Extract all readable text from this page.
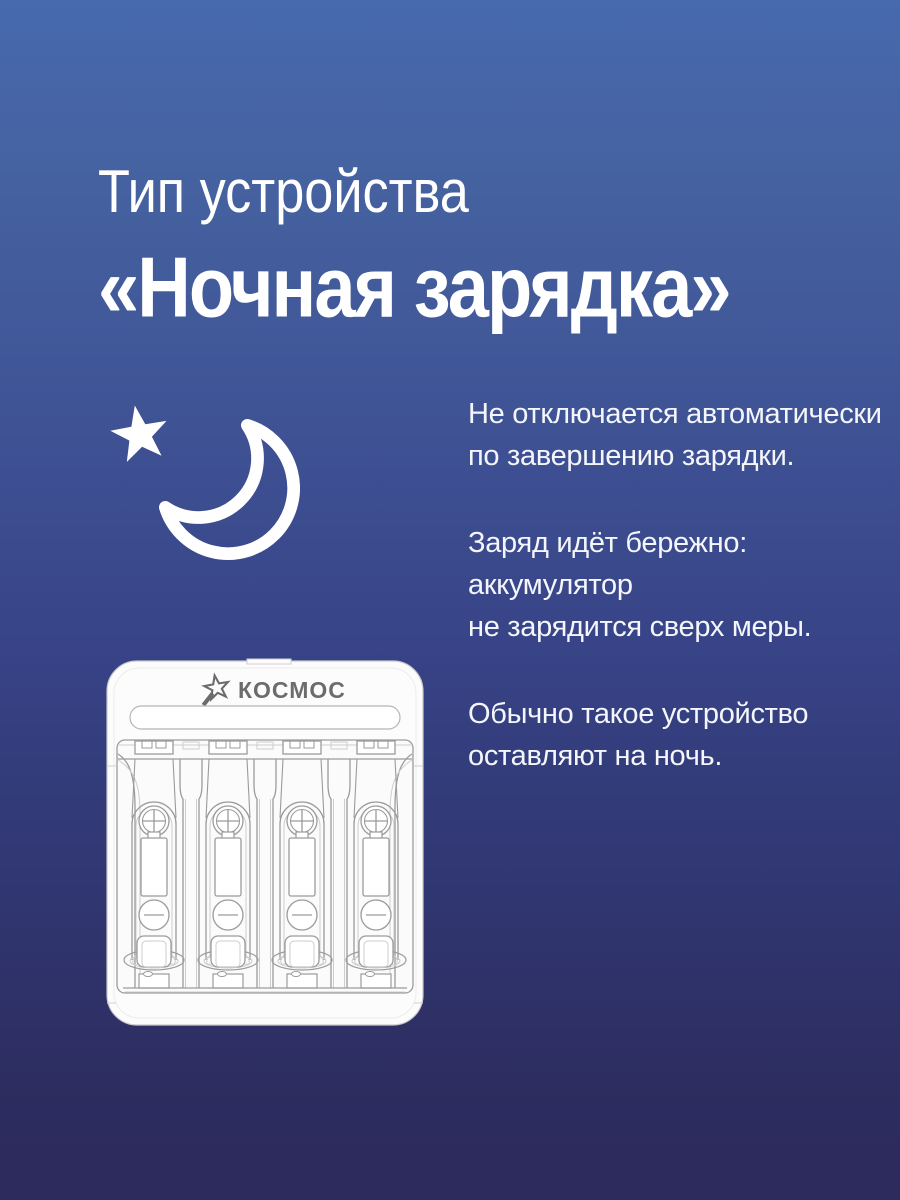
Тип устройства
«Ночная зарядка»

Не отключается автоматически
по завершению зарядки.

Заряд идёт бережно: аккумулятор
не зарядится сверх меры.

Обычно такое устройство
оставляют на ночь.

КОСМОС
